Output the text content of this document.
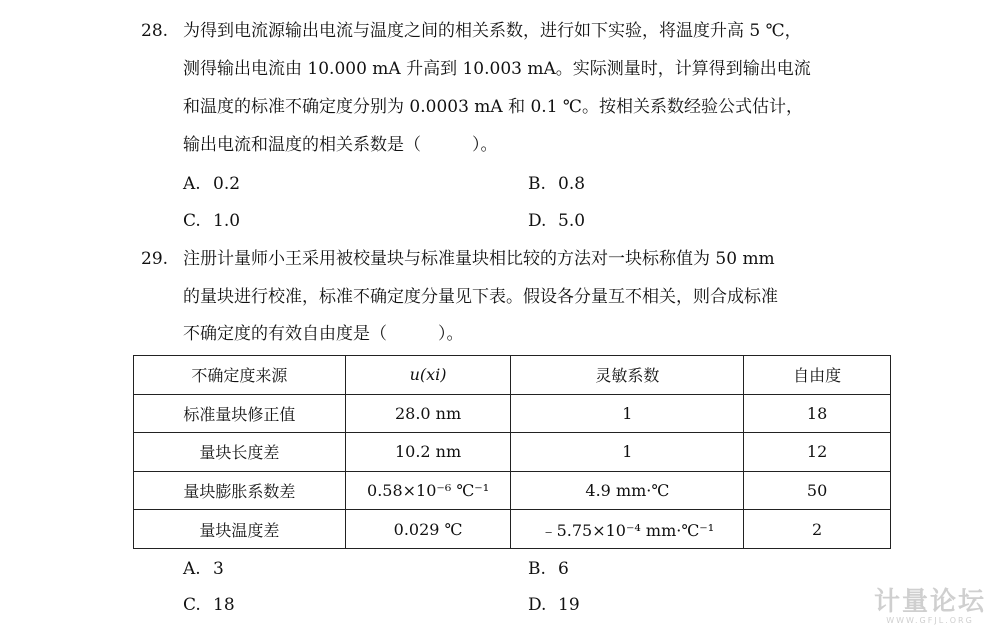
28. 为得到电流源输出电流与温度之间的相关系数，进行如下实验，将温度升高 5 ℃，
测得输出电流由 10.000 mA 升高到 10.003 mA。实际测量时，计算得到输出电流
和温度的标准不确定度分别为 0.0003 mA 和 0.1 ℃。按相关系数经验公式估计，
输出电流和温度的相关系数是（　　　）。
A. 0.2	B. 0.8
C. 1.0	D. 5.0
29. 注册计量师小王采用被校量块与标准量块相比较的方法对一块标称值为 50 mm
的量块进行校准，标准不确定度分量见下表。假设各分量互不相关，则合成标准
不确定度的有效自由度是（　　　）。
不确定度来源	u(xi)	灵敏系数	自由度
标准量块修正值	28.0 nm	1	18
量块长度差	10.2 nm	1	12
量块膨胀系数差	0.58×10⁻⁶ ℃⁻¹	4.9 mm·℃	50
量块温度差	0.029 ℃	﹣5.75×10⁻⁴ mm·℃⁻¹	2
A. 3	B. 6
C. 18	D. 19	计量论坛
WWW.GFJL.ORG
